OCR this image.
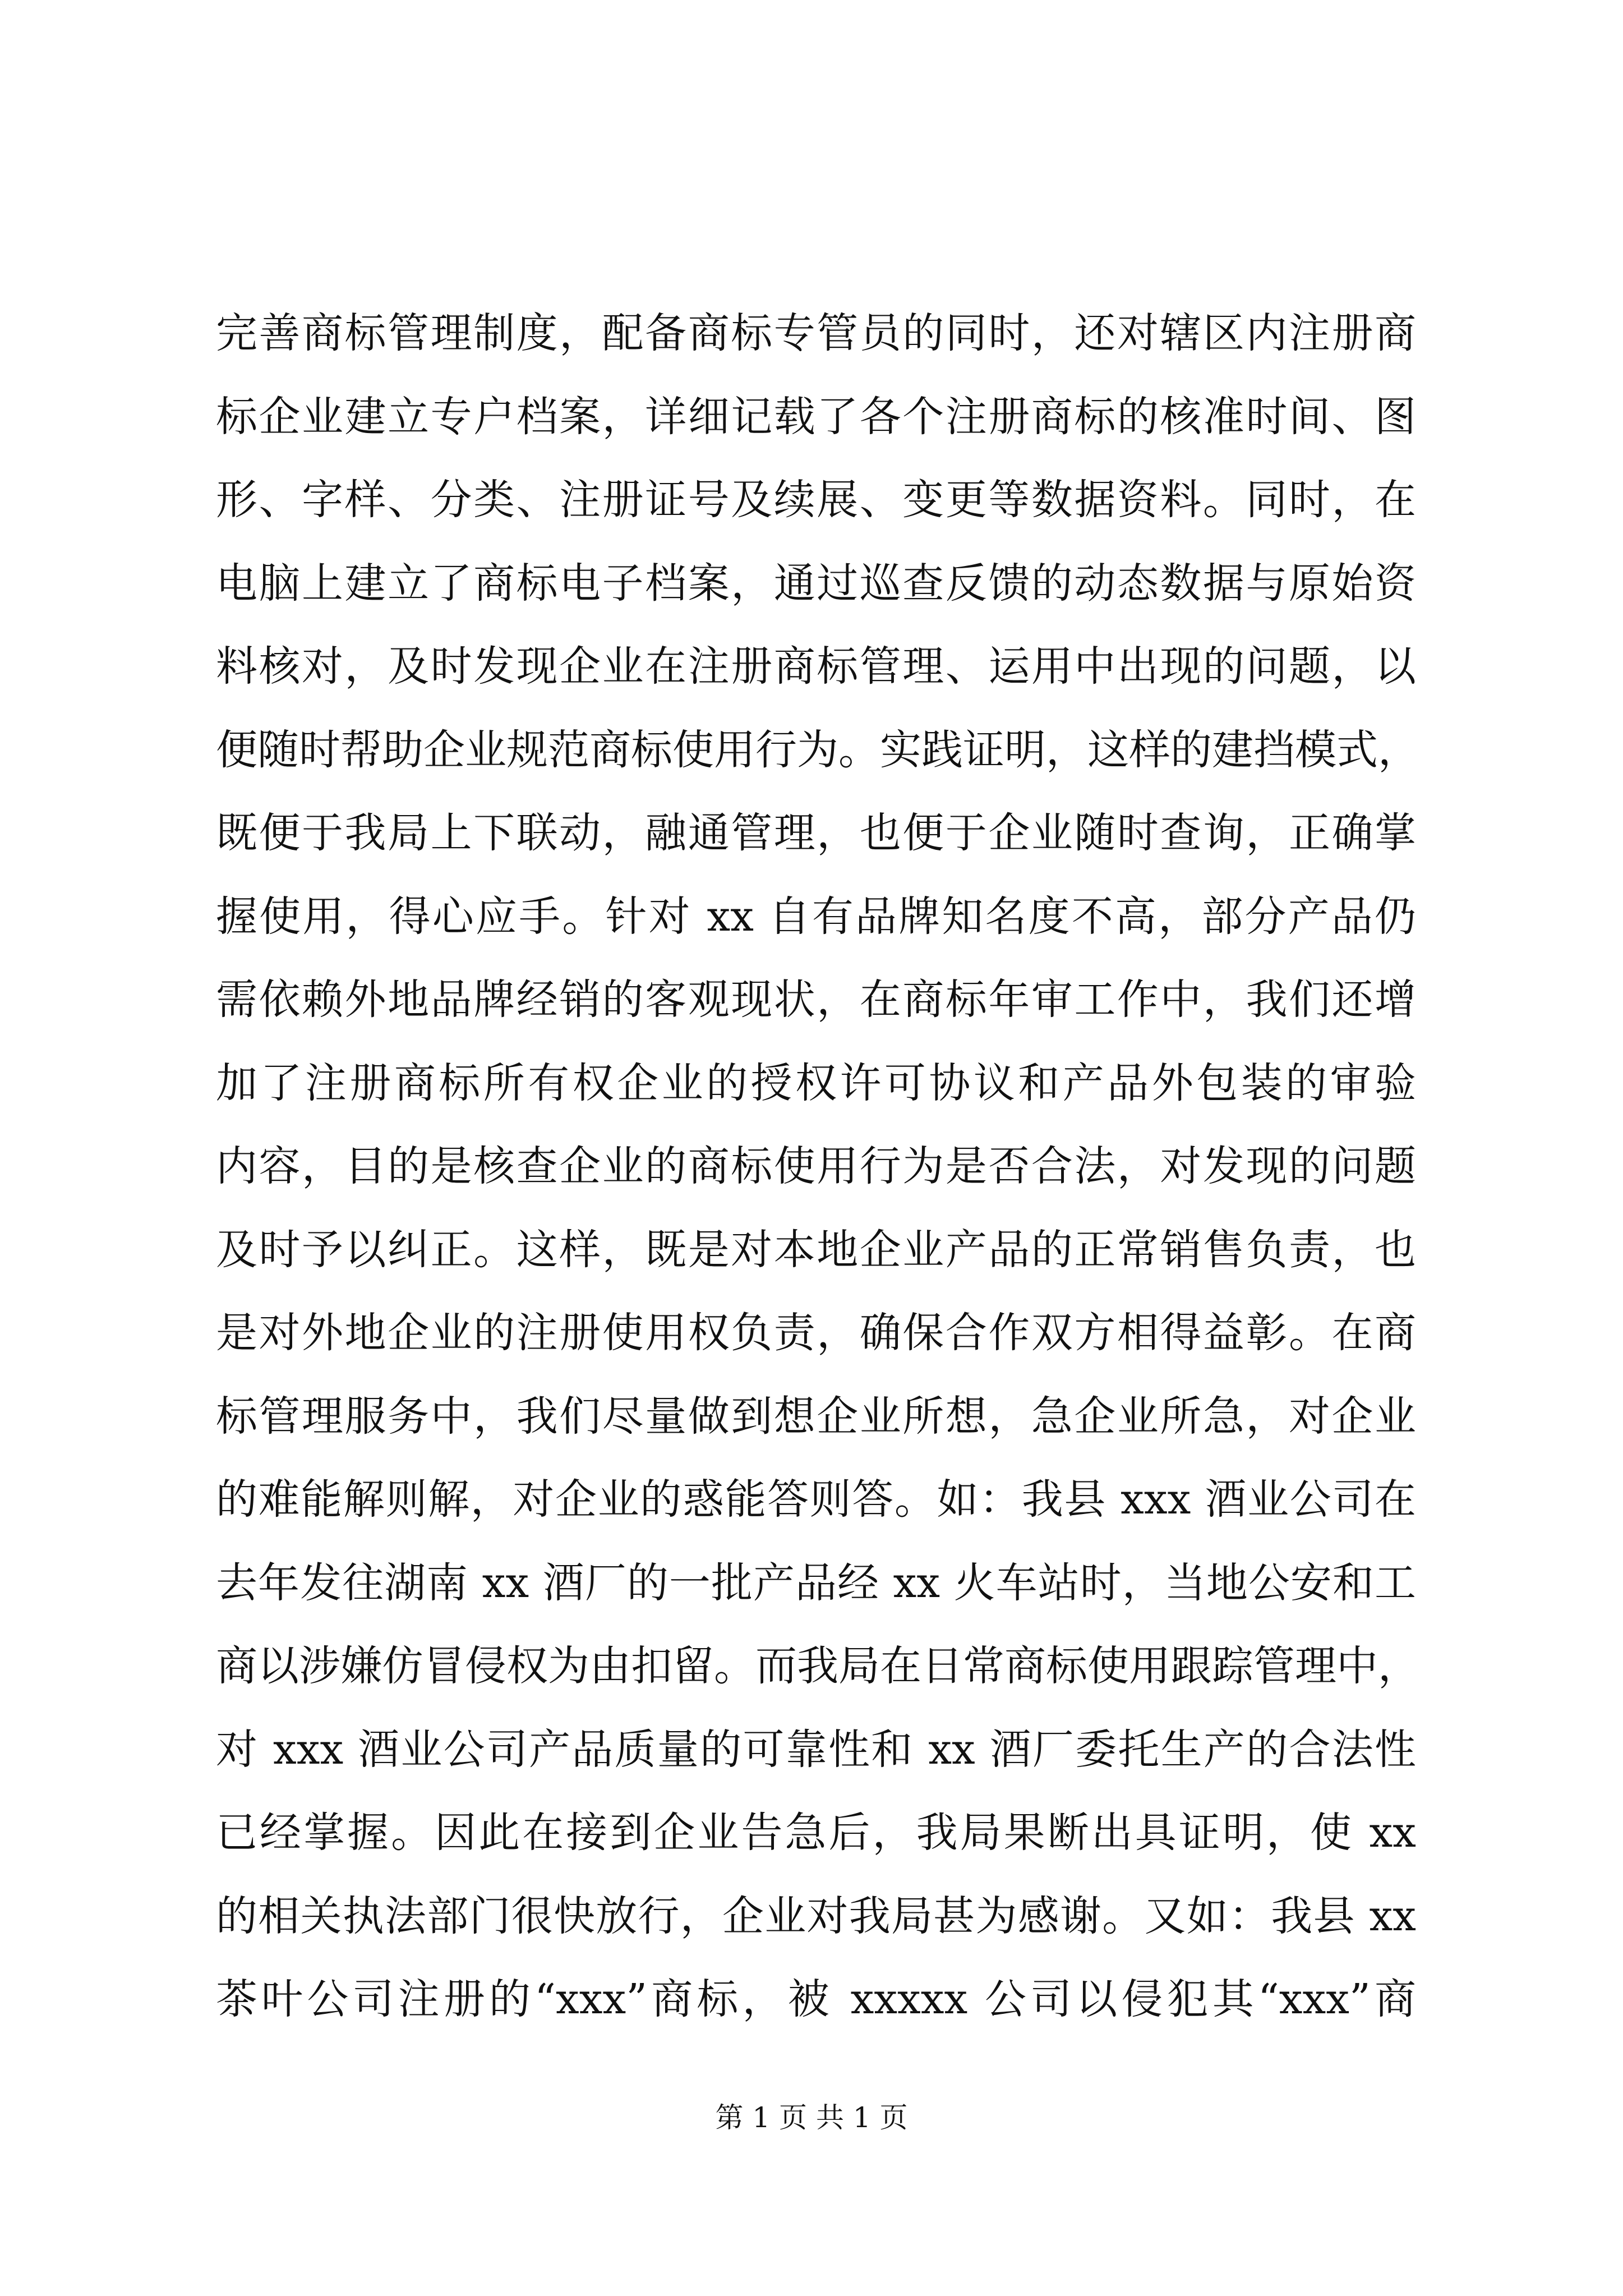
完善商标管理制度，配备商标专管员的同时，还对辖区内注册商
标企业建立专户档案，详细记载了各个注册商标的核准时间、图
形、字样、分类、注册证号及续展、变更等数据资料。同时，在
电脑上建立了商标电子档案，通过巡查反馈的动态数据与原始资
料核对，及时发现企业在注册商标管理、运用中出现的问题，以
便随时帮助企业规范商标使用行为。实践证明，这样的建挡模式，
既便于我局上下联动，融通管理，也便于企业随时查询，正确掌
握使用，得心应手。针对 xx 自有品牌知名度不高，部分产品仍
需依赖外地品牌经销的客观现状，在商标年审工作中，我们还增
加了注册商标所有权企业的授权许可协议和产品外包装的审验
内容，目的是核查企业的商标使用行为是否合法，对发现的问题
及时予以纠正。这样，既是对本地企业产品的正常销售负责，也
是对外地企业的注册使用权负责，确保合作双方相得益彰。在商
标管理服务中，我们尽量做到想企业所想，急企业所急，对企业
的难能解则解，对企业的惑能答则答。如：我县 xxx 酒业公司在
去年发往湖南 xx 酒厂的一批产品经 xx 火车站时，当地公安和工
商以涉嫌仿冒侵权为由扣留。而我局在日常商标使用跟踪管理中，
对 xxx 酒业公司产品质量的可靠性和 xx 酒厂委托生产的合法性
已经掌握。因此在接到企业告急后，我局果断出具证明，使 xx
的相关执法部门很快放行，企业对我局甚为感谢。又如：我县 xx
茶叶公司注册的“xxx”商标，被 xxxxx 公司以侵犯其“xxx”商
第 1 页 共 1 页
